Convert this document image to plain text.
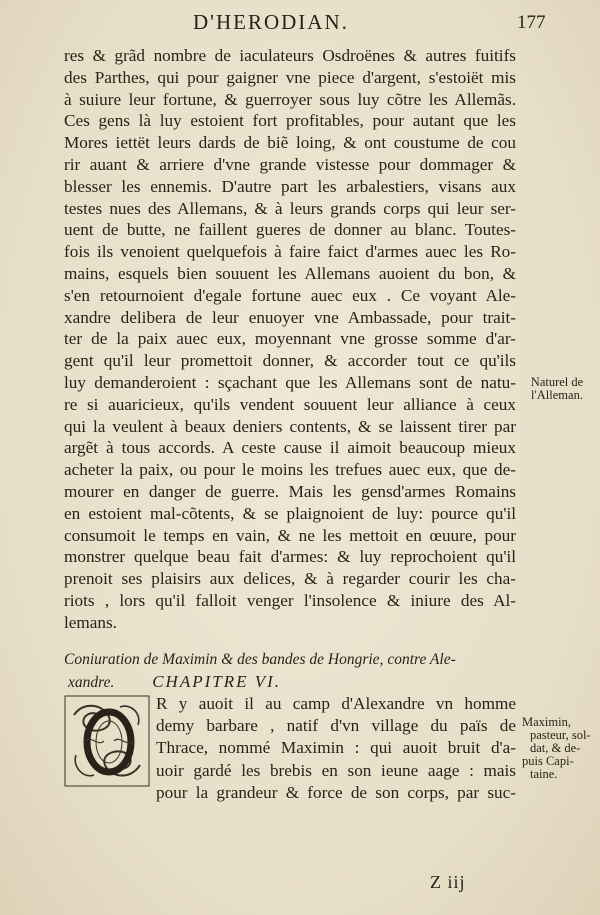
D'HERODIAN.	177
res & grãd nombre de iaculateurs Osdroënes & autres fuitifs
des Parthes, qui pour gaigner vne piece d'argent, s'estoiët mis
à suiure leur fortune, & guerroyer sous luy cõtre les Allemãs.
Ces gens là luy estoient fort profitables, pour autant que les
Mores iettët leurs dards de biẽ loing, & ont coustume de cou
rir auant & arriere d'vne grande vistesse pour dommager &
blesser les ennemis. D'autre part les arbalestiers, visans aux
testes nues des Allemans, & à leurs grands corps qui leur ser-
uent de butte, ne faillent gueres de donner au blanc. Toutes-
fois ils venoient quelquefois à faire faict d'armes auec les Ro-
mains, esquels bien souuent les Allemans auoient du bon, &
s'en retournoient d'egale fortune auec eux . Ce voyant Ale-
xandre delibera de leur enuoyer vne Ambassade, pour trait-
ter de la paix auec eux, moyennant vne grosse somme d'ar-
gent qu'il leur promettoit donner, & accorder tout ce qu'ils
luy demanderoient : sçachant que les Allemans sont de natu-
re si auaricieux, qu'ils vendent souuent leur alliance à ceux
qui la veulent à beaux deniers contents, & se laissent tirer par
argẽt à tous accords. A ceste cause il aimoit beaucoup mieux
acheter la paix, ou pour le moins les trefues auec eux, que de-
mourer en danger de guerre. Mais les gensd'armes Romains
en estoient mal-cõtents, & se plaignoient de luy: pource qu'il
consumoit le temps en vain, & ne les mettoit en œuure, pour
monstrer quelque beau fait d'armes: & luy reprochoient qu'il
prenoit ses plaisirs aux delices, & à regarder courir les cha-
riots , lors qu'il falloit venger l'insolence & iniure des Al-
lemans.
Naturel de
l'Alleman.
Coniuration de Maximin & des bandes de Hongrie, contre Ale-
xandre. CHAPITRE VI.
R y auoit il au camp d'Alexandre vn homme
demy barbare , natif d'vn village du païs de
Thrace, nommé Maximin : qui auoit bruit d'a-
uoir gardé les brebis en son ieune aage : mais
pour la grandeur & force de son corps, par suc-
Maximin,
pasteur, sol-
dat, & de-
puis Capi-
taine.
Z iij
